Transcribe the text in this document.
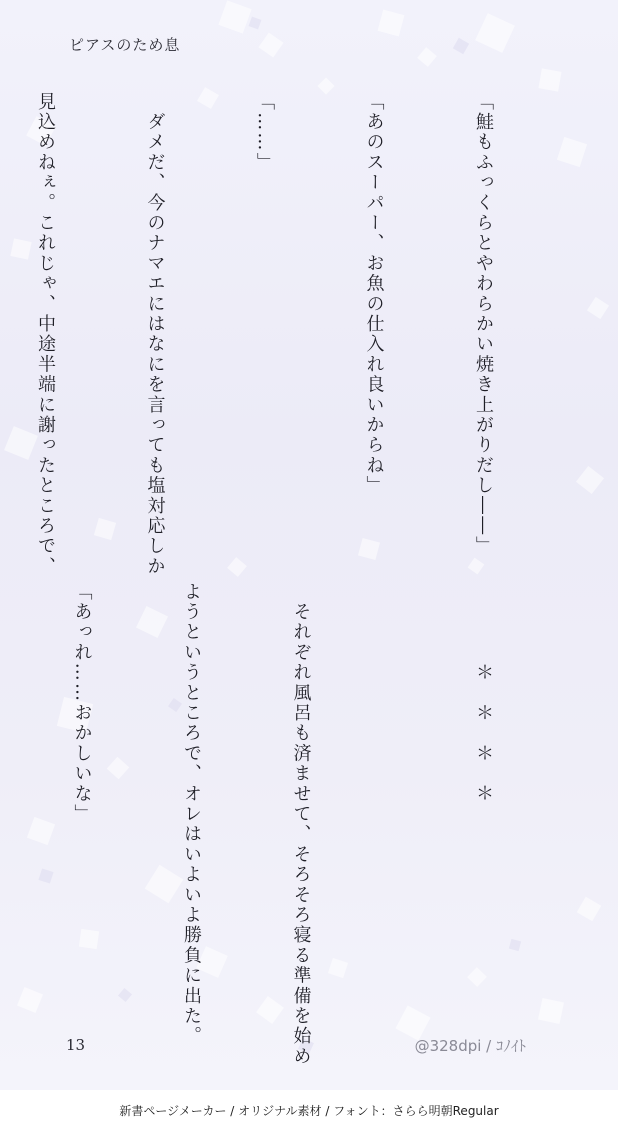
ピアスのため息

「鮭もふっくらとやわらかい焼き上がりだし――」

「あのスーパー、お魚の仕入れ良いからね」

「……」

　ダメだ、今のナマエにはなにを言っても塩対応しか

見込めねぇ。これじゃ、中途半端に謝ったところで、

　　　　＊　＊　＊　＊

　それぞれ風呂も済ませて、そろそろ寝る準備を始め

ようというところで、オレはいよいよ勝負に出た。

「あっれ……おかしいな」

13	@328dpi / ｺﾉｲﾄ
新書ページメーカー / オリジナル素材 / フォント：さらら明朝Regular
